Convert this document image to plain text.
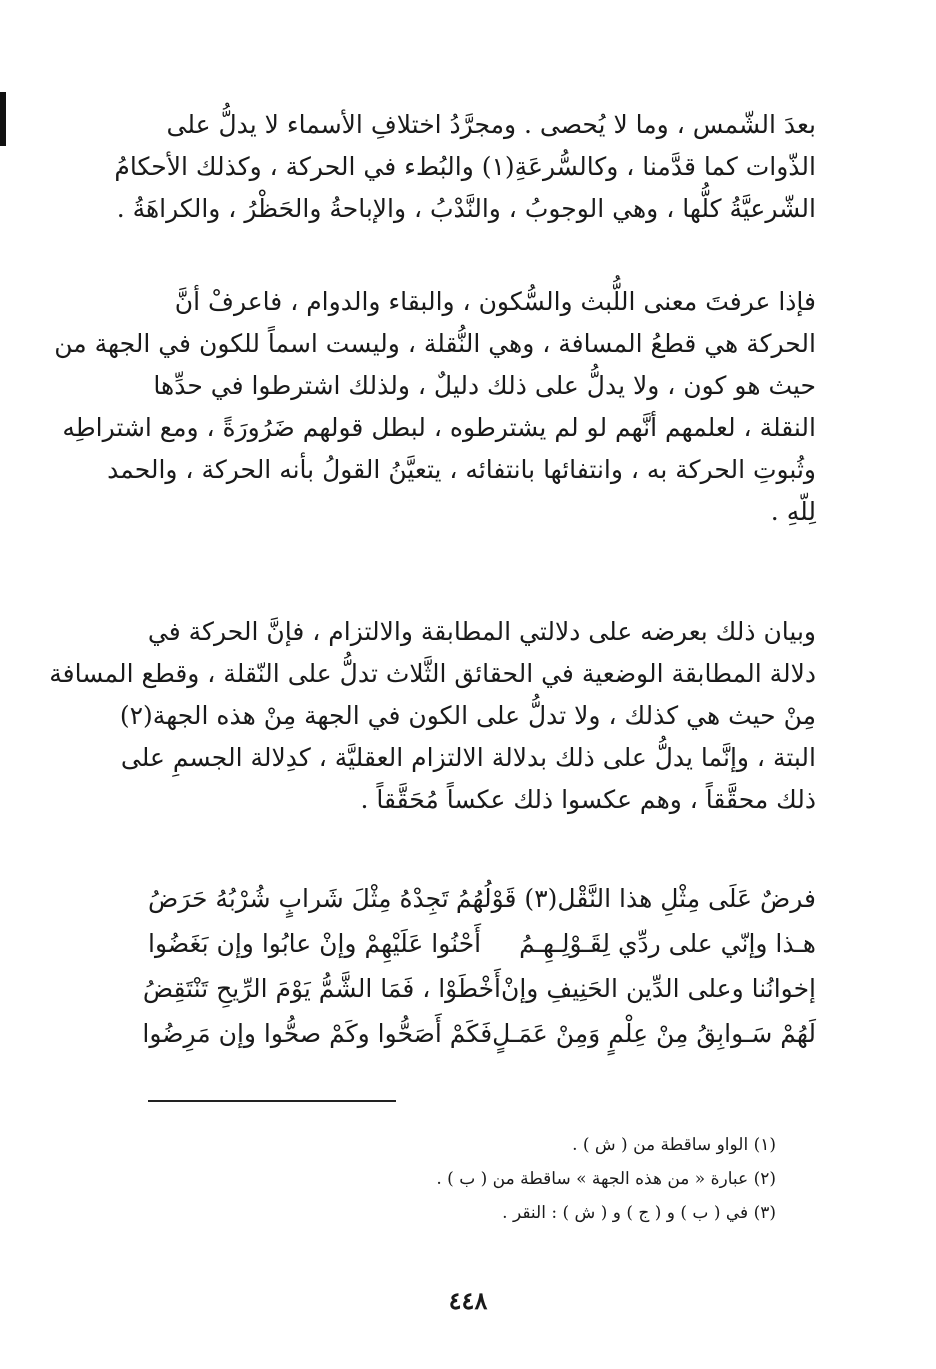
بعدَ الشّمس ، وما لا يُحصى . ومجرَّدُ اختلافِ الأسماء لا يدلُّ على
الذّوات كما قدَّمنا ، وكالسُّرعَةِ(١) والبُطء في الحركة ، وكذلك الأحكامُ
الشّرعيَّةُ كلُّها ، وهي الوجوبُ ، والنَّدْبُ ، والإباحةُ والحَظْرُ ، والكراهَةُ .
فإذا عرفتَ معنى اللُّبث والسُّكون ، والبقاء والدوام ، فاعرفْ أنَّ
الحركة هي قطعُ المسافة ، وهي النُّقلة ، وليست اسماً للكون في الجهة من
حيث هو كون ، ولا يدلُّ على ذلك دليلٌ ، ولذلك اشترطوا في حدِّها
النقلة ، لعلمهم أنَّهم لو لم يشترطوه ، لبطل قولهم ضَرُورَةً ، ومع اشتراطِه
وثُبوتِ الحركة به ، وانتفائها بانتفائه ، يتعيَّنُ القولُ بأنه الحركة ، والحمد
لِلّهِ .
وبيان ذلك بعرضه على دلالتي المطابقة والالتزام ، فإنَّ الحركة في
دلالة المطابقة الوضعية في الحقائق الثَّلاث تدلُّ على النّقلة ، وقطع المسافة
مِنْ حيث هي كذلك ، ولا تدلُّ على الكون في الجهة مِنْ هذه الجهة(٢)
البتة ، وإنَّما يدلُّ على ذلك بدلالة الالتزام العقليَّة ، كدِلالة الجسمِ على
ذلك محقَّقاً ، وهم عكسوا ذلك عكساً مُحَقَّقاً .
فرضٌ عَلَى مِثْلِ هذا النَّقْل(٣) قَوْلُهُمُ
تَجِدْهُ مِثْلَ شَرابٍ شُرْبُهُ حَرَضُ
هـذا وإنّي على ردِّي لِقَـوْلِـهِـمُ
أَحْنُوا عَلَيْهِمْ وإنْ عابُوا وإن بَغَضُوا
إخوانُنا وعلى الدِّين الحَنِيفِ وإنْ
أَخْطَوْا ، فَمَا الشَّمُّ يَوْمَ الرِّيحِ تَنْتَقِضُ
لَهُمْ سَـوابِقُ مِنْ عِلْمٍ وَمِنْ عَمَـلٍ
فَكَمْ أَصَحُّوا وكَمْ صحُّوا وإن مَرِضُوا
(١) الواو ساقطة من ( ش ) .
(٢) عبارة « من هذه الجهة » ساقطة من ( ب ) .
(٣) في ( ب ) و ( ج ) و ( ش ) : النقر .
٤٤٨
